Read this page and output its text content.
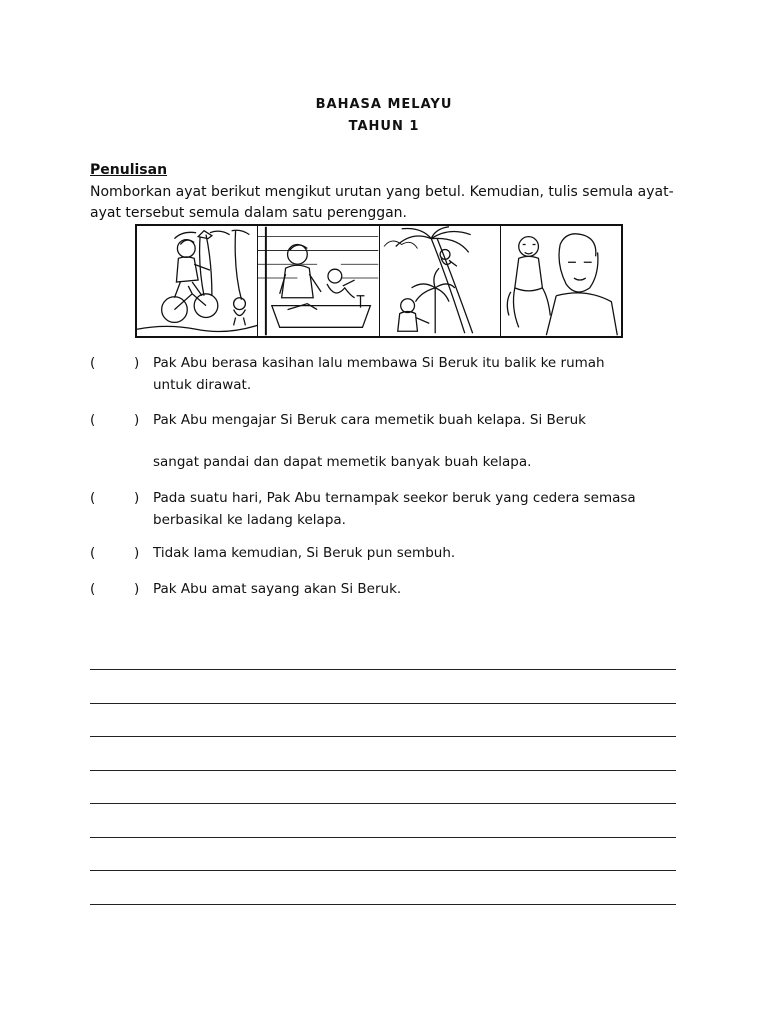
BAHASA MELAYU
TAHUN 1
Penulisan
Nomborkan ayat berikut mengikut urutan yang betul. Kemudian, tulis semula ayat-ayat tersebut semula dalam satu perenggan.
(	) Pak Abu berasa kasihan lalu membawa Si Beruk itu balik ke rumah
untuk dirawat.
(	) Pak Abu mengajar Si Beruk cara memetik buah kelapa. Si Beruk
sangat pandai dan dapat memetik banyak buah kelapa.
(	) Pada suatu hari, Pak Abu ternampak seekor beruk yang cedera semasa
berbasikal ke ladang kelapa.
(	) Tidak lama kemudian, Si Beruk pun sembuh.
(	) Pak Abu amat sayang akan Si Beruk.
